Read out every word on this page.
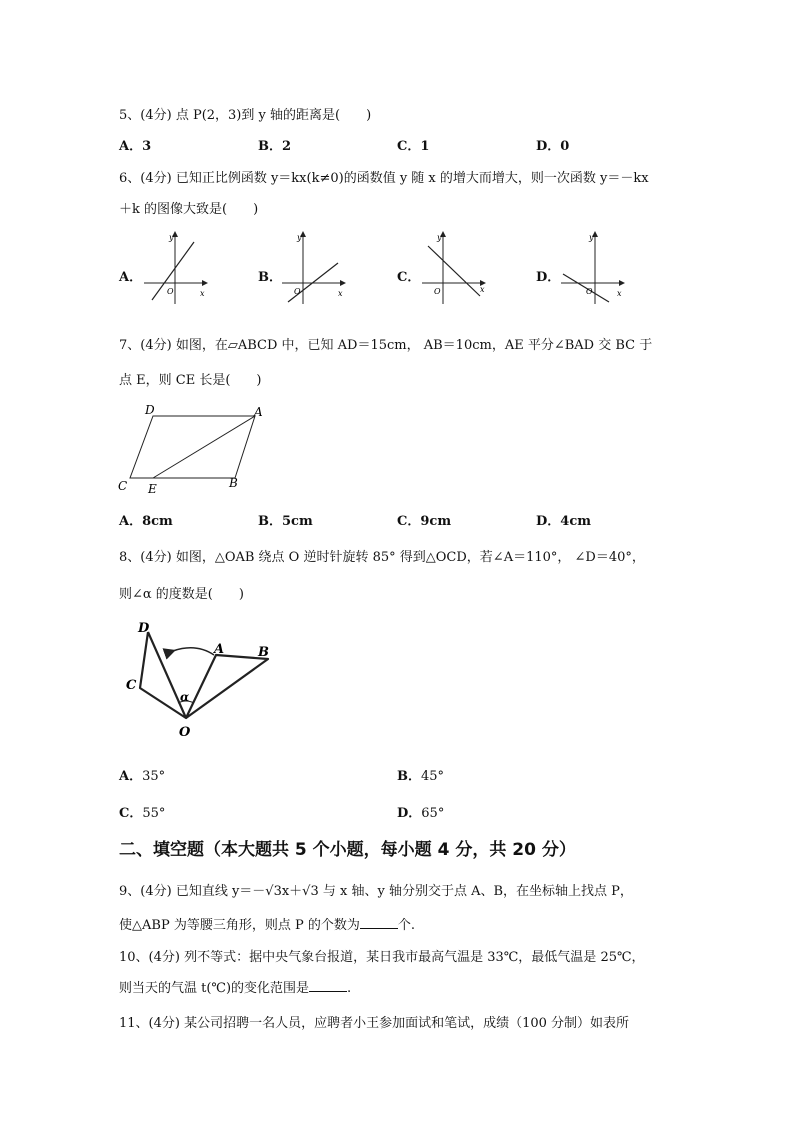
5、(4分) 点 P(2，3)到 y 轴的距离是(　　)
A．3	B．2	C．1	D．0
6、(4分) 已知正比例函数 y＝kx(k≠0)的函数值 y 随 x 的增大而增大，则一次函数 y＝－kx
＋k 的图像大致是(　　)
A．	B．	C．	D．
y
x
O
y
x
O
y
x
O
y
x
O
7、(4分) 如图，在▱ABCD 中，已知 AD＝15cm， AB＝10cm，AE 平分∠BAD 交 BC 于
点 E，则 CE 长是(　　)
D	A
C E	B
A．8cm	B．5cm	C．9cm	D．4cm
8、(4分) 如图，△OAB 绕点 O 逆时针旋转 85° 得到△OCD，若∠A＝110°， ∠D＝40°，
则∠α 的度数是(　　)
D
C
A	B
O
α
A．35°	B．45°
C．55°	D．65°
二、填空题（本大题共 5 个小题，每小题 4 分，共 20 分）
9、(4分) 已知直线 y＝－√3x＋√3 与 x 轴、y 轴分别交于点 A、B，在坐标轴上找点 P，
使△ABP 为等腰三角形，则点 P 的个数为	个.
10、(4分) 列不等式：据中央气象台报道，某日我市最高气温是 33℃，最低气温是 25℃，
则当天的气温 t(℃)的变化范围是	.
11、(4分) 某公司招聘一名人员，应聘者小王参加面试和笔试，成绩（100 分制）如表所
